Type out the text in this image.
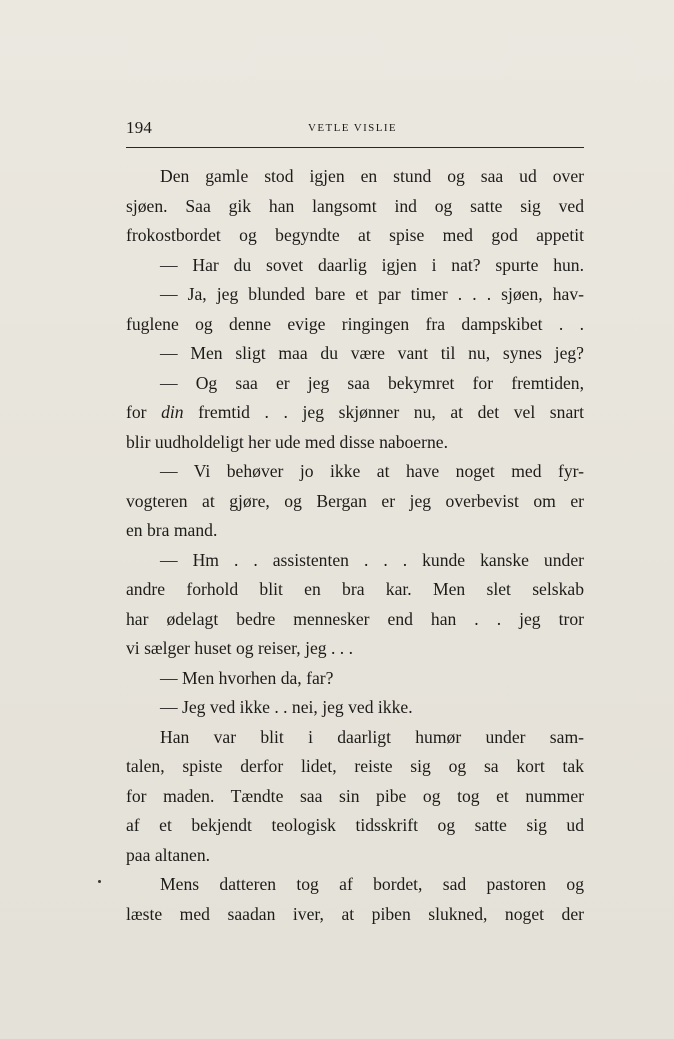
194	VETLE VISLIE
Den gamle stod igjen en stund og saa ud over
sjøen. Saa gik han langsomt ind og satte sig ved
frokostbordet og begyndte at spise med god appetit
— Har du sovet daarlig igjen i nat? spurte hun.
— Ja, jeg blunded bare et par timer . . . sjøen, hav-
fuglene og denne evige ringingen fra dampskibet . .
— Men sligt maa du være vant til nu, synes jeg?
— Og saa er jeg saa bekymret for fremtiden,
for din fremtid . . jeg skjønner nu, at det vel snart
blir uudholdeligt her ude med disse naboerne.
— Vi behøver jo ikke at have noget med fyr-
vogteren at gjøre, og Bergan er jeg overbevist om er
en bra mand.
— Hm . . assistenten . . . kunde kanske under
andre forhold blit en bra kar. Men slet selskab
har ødelagt bedre mennesker end han . . jeg tror
vi sælger huset og reiser, jeg . . .
— Men hvorhen da, far?
— Jeg ved ikke . . nei, jeg ved ikke.
Han var blit i daarligt humør under sam-
talen, spiste derfor lidet, reiste sig og sa kort tak
for maden. Tændte saa sin pibe og tog et nummer
af et bekjendt teologisk tidsskrift og satte sig ud
paa altanen.
Mens datteren tog af bordet, sad pastoren og
læste med saadan iver, at piben slukned, noget der
